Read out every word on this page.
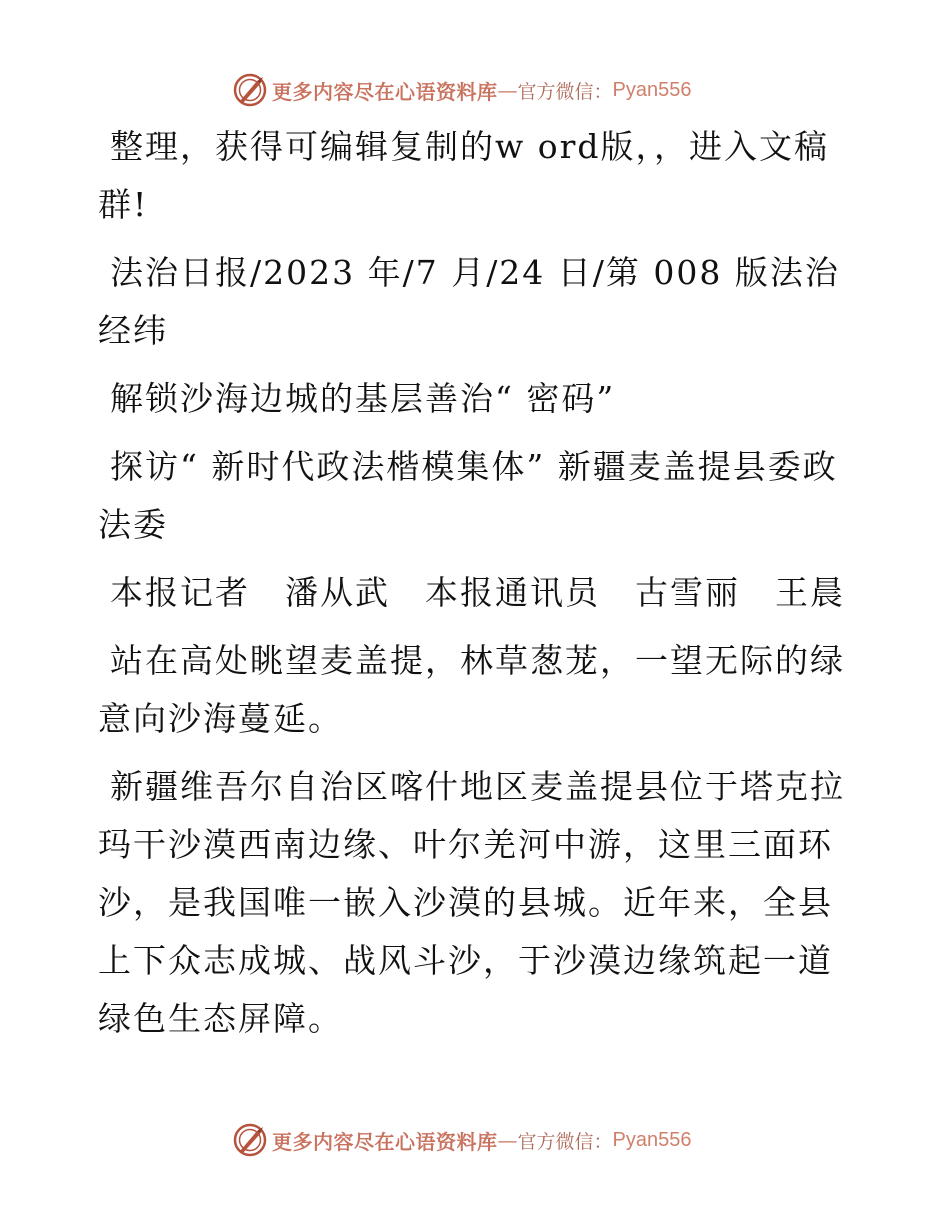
更多内容尽在心语资料库 — 官方微信： Pyan556

整理，获得可编辑复制的w ord版，，进入文稿群!

法治日报/2023 年/7 月/24 日/第 008 版法治经纬

解锁沙海边城的基层善治“ 密码”

探访“ 新时代政法楷模集体” 新疆麦盖提县委政法委

本报记者　潘从武　本报通讯员　古雪丽　王晨

站在高处眺望麦盖提，林草葱茏，一望无际的绿意向沙海蔓延。

新疆维吾尔自治区喀什地区麦盖提县位于塔克拉玛干沙漠西南边缘、叶尔羌河中游，这里三面环沙，是我国唯一嵌入沙漠的县城。近年来，全县上下众志成城、战风斗沙，于沙漠边缘筑起一道绿色生态屏障。

更多内容尽在心语资料库 — 官方微信： Pyan556
